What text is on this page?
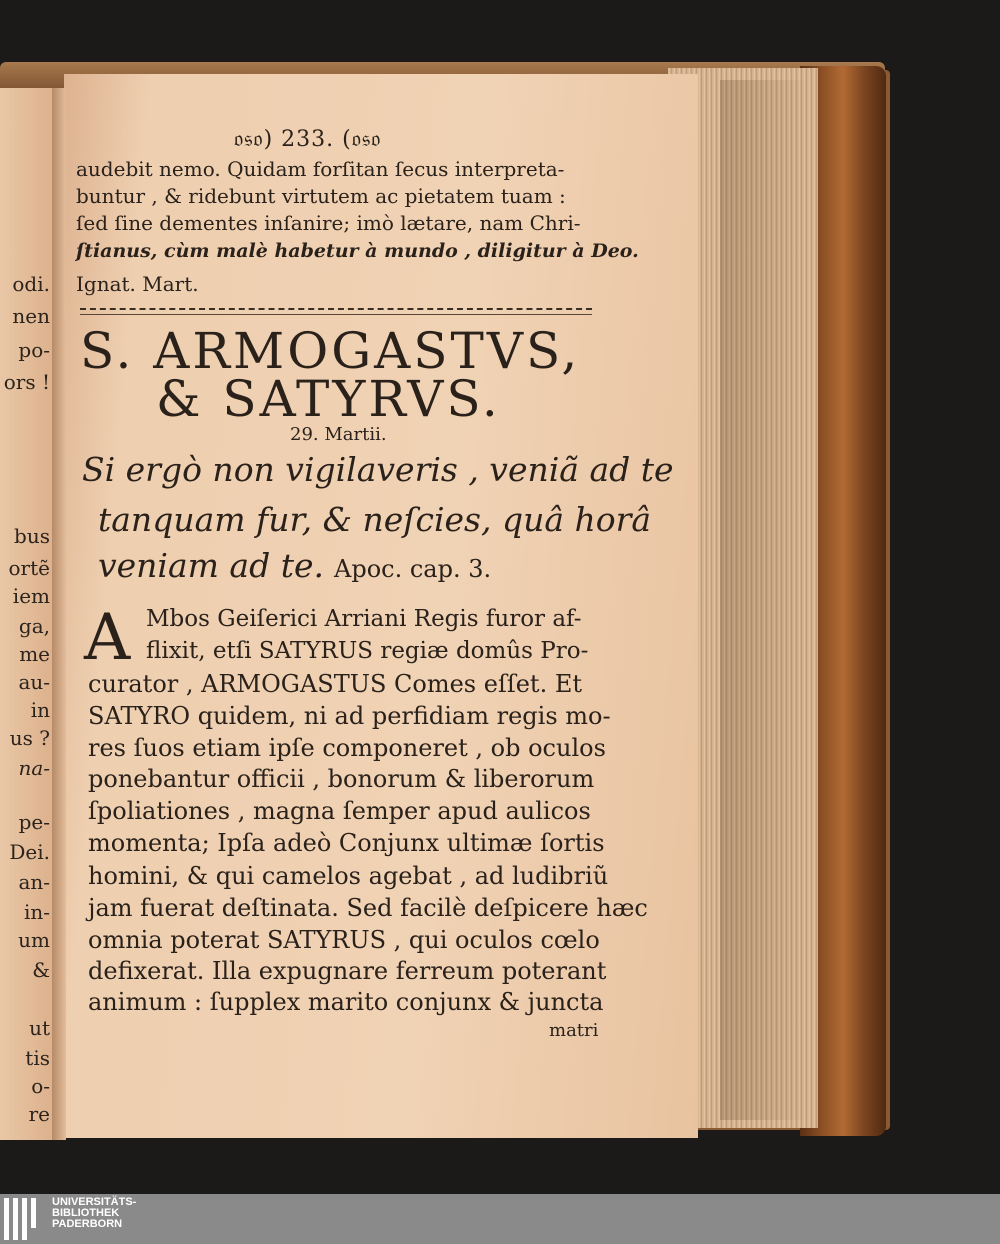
odi.
nen
po-
ors !
bus
ortẽ
iem
ga,
me
au-
in
us ?
na-
pe-
Dei.
an-
in-
um
&
ut
tis
o-
re
𝔬𝔰𝔬) 233. (𝔬𝔰𝔬
audebit nemo. Quidam forſitan ſecus interpreta-
buntur , & ridebunt virtutem ac pietatem tuam :
ſed ſine dementes inſanire; imò lætare, nam Chri-
ſtianus, cùm malè habetur à mundo , diligitur à Deo.
Ignat. Mart.
S. ARMOGASTVS,
& SATYRVS.
29. Martii.
Si ergò non vigilaveris , veniã ad te
tanquam fur, & neſcies, quâ horâ
veniam ad te. Apoc. cap. 3.
A Mbos Geiſerici Arriani Regis furor af-
flixit, etſi SATYRUS regiæ domûs Pro-
curator , ARMOGASTUS Comes eſſet. Et
SATYRO quidem, ni ad perfidiam regis mo-
res ſuos etiam ipſe componeret , ob oculos
ponebantur officii , bonorum & liberorum
ſpoliationes , magna ſemper apud aulicos
momenta; Ipſa adeò Conjunx ultimæ ſortis
homini, & qui camelos agebat , ad ludibriũ
jam fuerat deſtinata. Sed facilè deſpicere hæc
omnia poterat SATYRUS , qui oculos cœlo
defixerat. Illa expugnare ferreum poterant
animum : ſupplex marito conjunx & juncta
matri
UNIVERSITÄTS-
BIBLIOTHEK
PADERBORN
